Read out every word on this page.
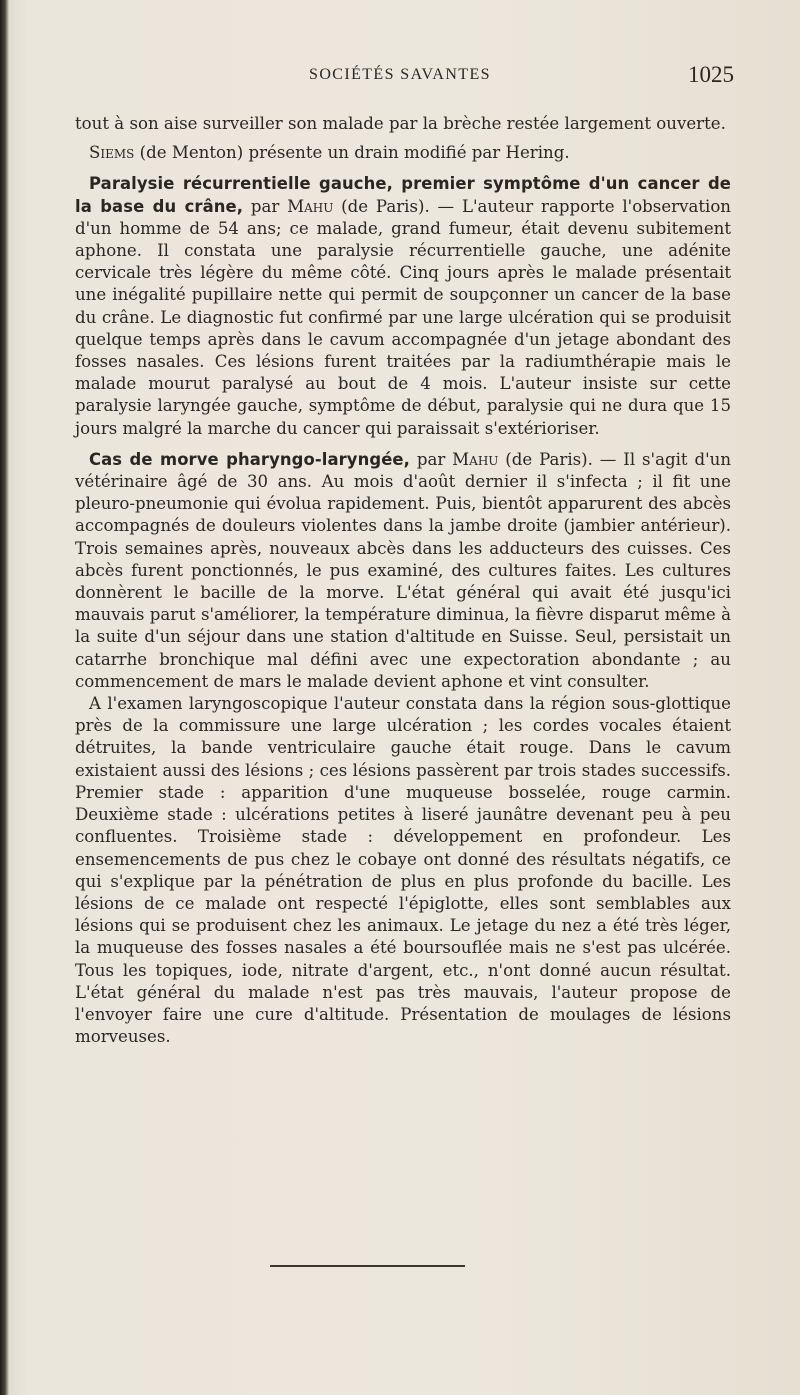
SOCIÉTÉS SAVANTES	1025

tout à son aise surveiller son malade par la brèche restée largement ouverte.

Siems (de Menton) présente un drain modifié par Hering.

Paralysie récurrentielle gauche, premier symptôme d'un cancer de la base du crâne, par Mahu (de Paris). — L'auteur rapporte l'observation d'un homme de 54 ans; ce malade, grand fumeur, était devenu subitement aphone. Il constata une paralysie récurrentielle gauche, une adénite cervicale très légère du même côté. Cinq jours après le malade présentait une inégalité pupillaire nette qui permit de soupçonner un cancer de la base du crâne. Le diagnostic fut confirmé par une large ulcération qui se produisit quelque temps après dans le cavum accompagnée d'un jetage abondant des fosses nasales. Ces lésions furent traitées par la radiumthérapie mais le malade mourut paralysé au bout de 4 mois. L'auteur insiste sur cette paralysie laryngée gauche, symptôme de début, paralysie qui ne dura que 15 jours malgré la marche du cancer qui paraissait s'extérioriser.

Cas de morve pharyngo-laryngée, par Mahu (de Paris). — Il s'agit d'un vétérinaire âgé de 30 ans. Au mois d'août dernier il s'infecta ; il fit une pleuro-pneumonie qui évolua rapidement. Puis, bientôt apparurent des abcès accompagnés de douleurs violentes dans la jambe droite (jambier antérieur). Trois semaines après, nouveaux abcès dans les adducteurs des cuisses. Ces abcès furent ponctionnés, le pus examiné, des cultures faites. Les cultures donnèrent le bacille de la morve. L'état général qui avait été jusqu'ici mauvais parut s'améliorer, la température diminua, la fièvre disparut même à la suite d'un séjour dans une station d'altitude en Suisse. Seul, persistait un catarrhe bronchique mal défini avec une expectoration abondante ; au commencement de mars le malade devient aphone et vint consulter.

A l'examen laryngoscopique l'auteur constata dans la région sous-glottique près de la commissure une large ulcération ; les cordes vocales étaient détruites, la bande ventriculaire gauche était rouge. Dans le cavum existaient aussi des lésions ; ces lésions passèrent par trois stades successifs. Premier stade : apparition d'une muqueuse bosselée, rouge carmin. Deuxième stade : ulcérations petites à liseré jaunâtre devenant peu à peu confluentes. Troisième stade : développement en profondeur. Les ensemencements de pus chez le cobaye ont donné des résultats négatifs, ce qui s'explique par la pénétration de plus en plus profonde du bacille. Les lésions de ce malade ont respecté l'épiglotte, elles sont semblables aux lésions qui se produisent chez les animaux. Le jetage du nez a été très léger, la muqueuse des fosses nasales a été boursouflée mais ne s'est pas ulcérée. Tous les topiques, iode, nitrate d'argent, etc., n'ont donné aucun résultat. L'état général du malade n'est pas très mauvais, l'auteur propose de l'envoyer faire une cure d'altitude. Présentation de moulages de lésions morveuses.
